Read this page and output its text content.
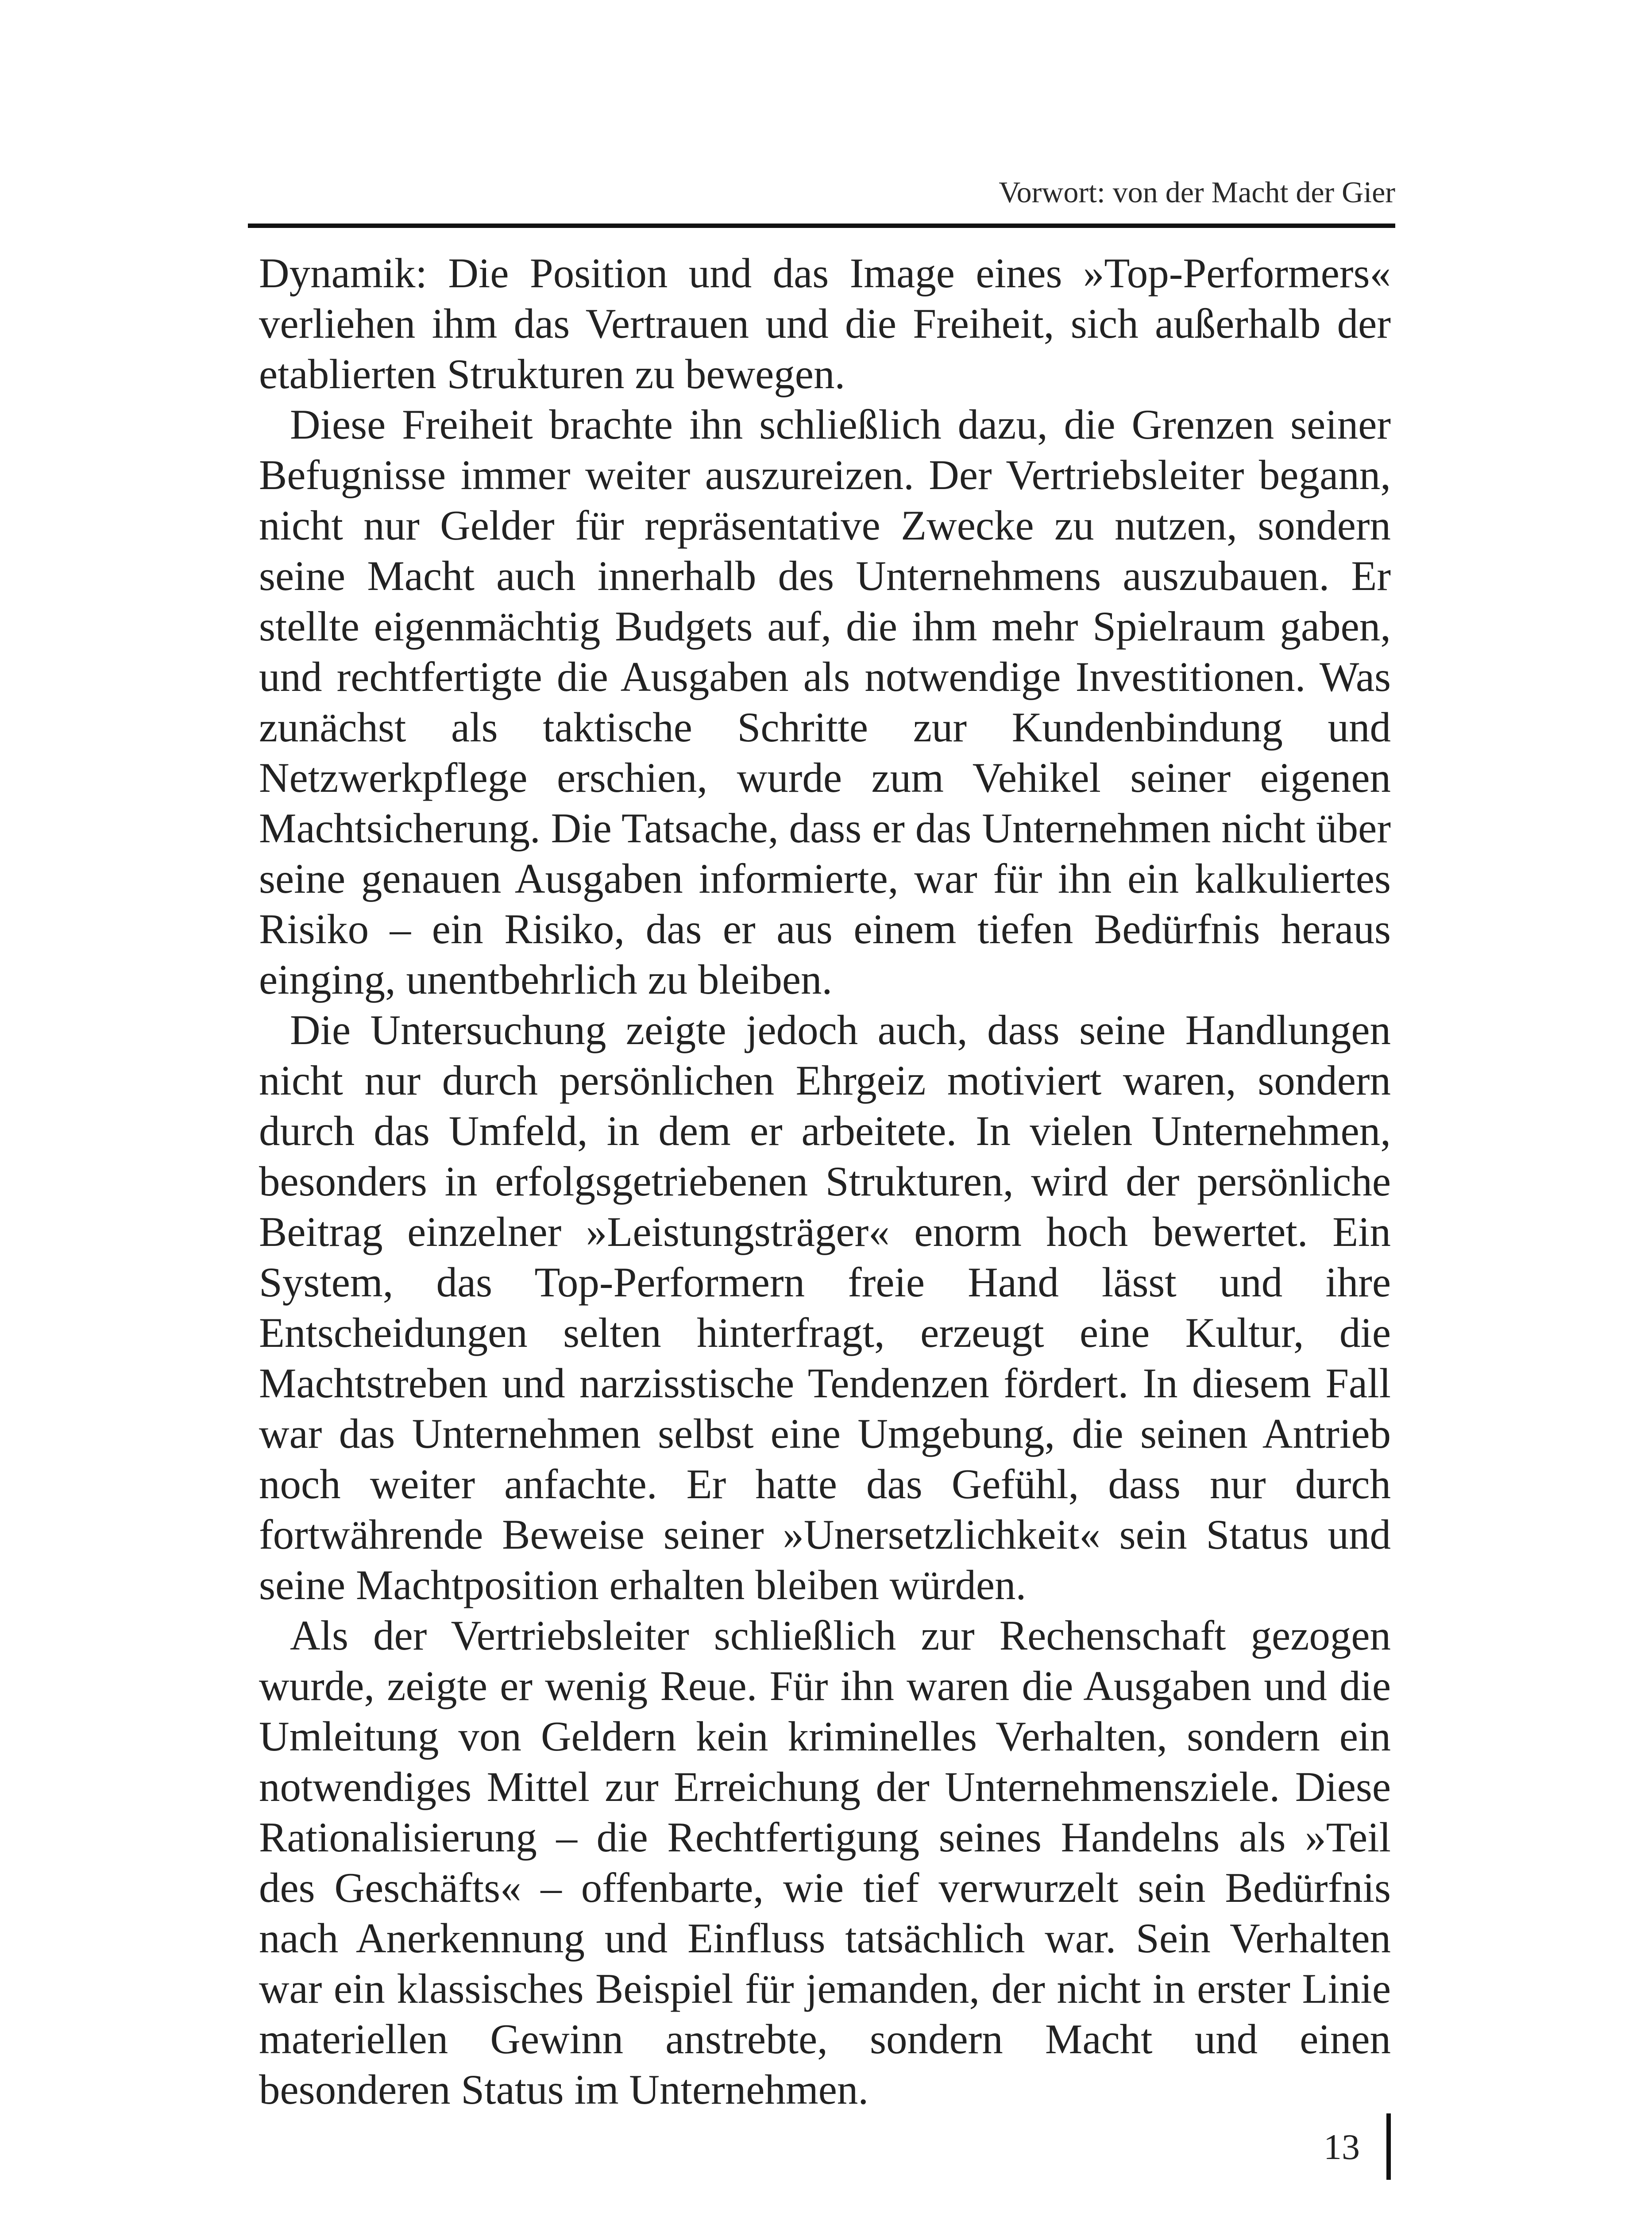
Vorwort: von der Macht der Gier

Dynamik: Die Position und das Image eines »Top-Performers« verliehen ihm das Vertrauen und die Freiheit, sich außerhalb der etablierten Strukturen zu bewegen.

Diese Freiheit brachte ihn schließlich dazu, die Grenzen seiner Befugnisse immer weiter auszureizen. Der Vertriebsleiter begann, nicht nur Gelder für repräsentative Zwecke zu nutzen, sondern seine Macht auch innerhalb des Unternehmens auszubauen. Er stellte eigenmächtig Budgets auf, die ihm mehr Spielraum gaben, und rechtfertigte die Ausgaben als notwendige Investitionen. Was zunächst als taktische Schritte zur Kundenbindung und Netzwerkpflege erschien, wurde zum Vehikel seiner eigenen Machtsicherung. Die Tatsache, dass er das Unternehmen nicht über seine genauen Ausgaben informierte, war für ihn ein kalkuliertes Risiko – ein Risiko, das er aus einem tiefen Bedürfnis heraus einging, unentbehrlich zu bleiben.

Die Untersuchung zeigte jedoch auch, dass seine Handlungen nicht nur durch persönlichen Ehrgeiz motiviert waren, sondern durch das Umfeld, in dem er arbeitete. In vielen Unternehmen, besonders in erfolgsgetriebenen Strukturen, wird der persönliche Beitrag einzelner »Leistungsträger« enorm hoch bewertet. Ein System, das Top-Performern freie Hand lässt und ihre Entscheidungen selten hinterfragt, erzeugt eine Kultur, die Machtstreben und narzisstische Tendenzen fördert. In diesem Fall war das Unternehmen selbst eine Umgebung, die seinen Antrieb noch weiter anfachte. Er hatte das Gefühl, dass nur durch fortwährende Beweise seiner »Unersetzlichkeit« sein Status und seine Machtposition erhalten bleiben würden.

Als der Vertriebsleiter schließlich zur Rechenschaft gezogen wurde, zeigte er wenig Reue. Für ihn waren die Ausgaben und die Umleitung von Geldern kein kriminelles Verhalten, sondern ein notwendiges Mittel zur Erreichung der Unternehmensziele. Diese Rationalisierung – die Rechtfertigung seines Handelns als »Teil des Geschäfts« – offenbarte, wie tief verwurzelt sein Bedürfnis nach Anerkennung und Einfluss tatsächlich war. Sein Verhalten war ein klassisches Beispiel für jemanden, der nicht in erster Linie materiellen Gewinn anstrebte, sondern Macht und einen besonderen Status im Unternehmen.

13
